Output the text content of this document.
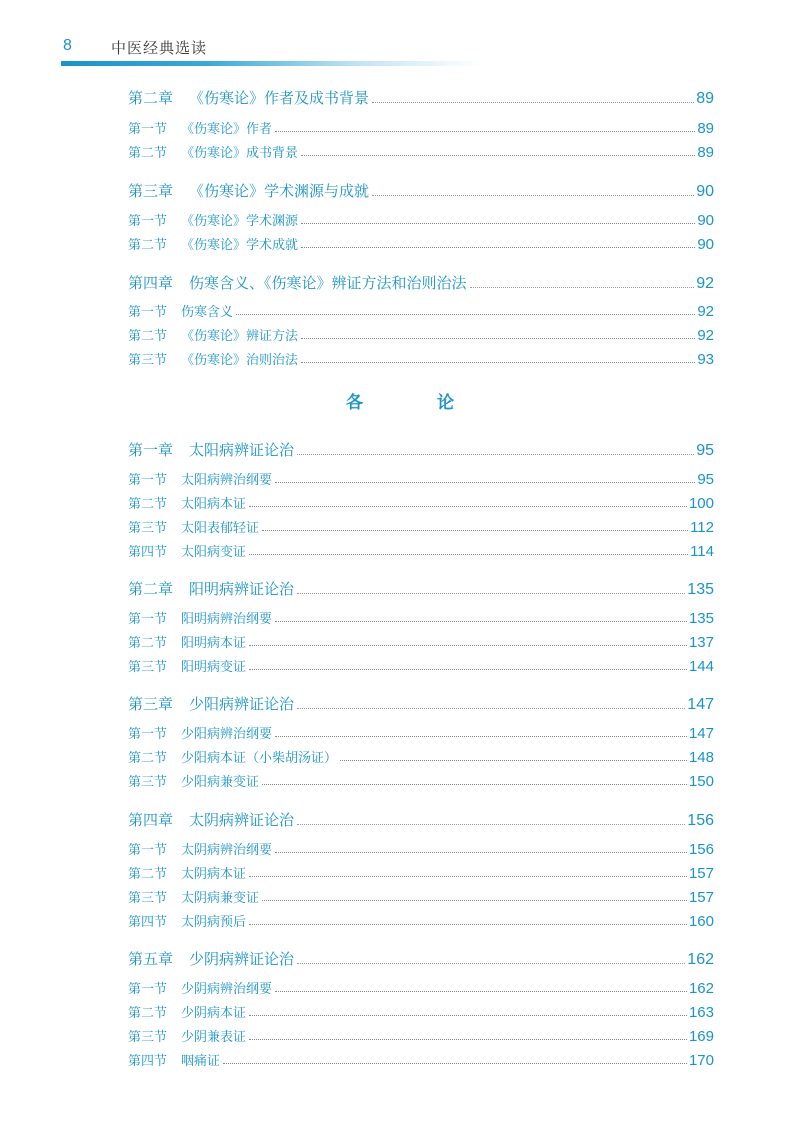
8	中医经典选读
第二章 《伤寒论》作者及成书背景	89
第一节 《伤寒论》作者	89
第二节 《伤寒论》成书背景	89
第三章 《伤寒论》学术渊源与成就	90
第一节 《伤寒论》学术渊源	90
第二节 《伤寒论》学术成就	90
第四章 伤寒含义、《伤寒论》辨证方法和治则治法	92
第一节 伤寒含义	92
第二节 《伤寒论》辨证方法	92
第三节 《伤寒论》治则治法	93
第一章 太阳病辨证论治	95
第一节 太阳病辨治纲要	95
第二节 太阳病本证	100
第三节 太阳表郁轻证	112
第四节 太阳病变证	114
第二章 阳明病辨证论治	135
第一节 阳明病辨治纲要	135
第二节 阳明病本证	137
第三节 阳明病变证	144
第三章 少阳病辨证论治	147
第一节 少阳病辨治纲要	147
第二节 少阳病本证（小柴胡汤证）	148
第三节 少阳病兼变证	150
第四章 太阴病辨证论治	156
第一节 太阴病辨治纲要	156
第二节 太阴病本证	157
第三节 太阴病兼变证	157
第四节 太阴病预后	160
第五章 少阴病辨证论治	162
第一节 少阴病辨治纲要	162
第二节 少阴病本证	163
第三节 少阴兼表证	169
第四节 咽痛证	170
各 论
